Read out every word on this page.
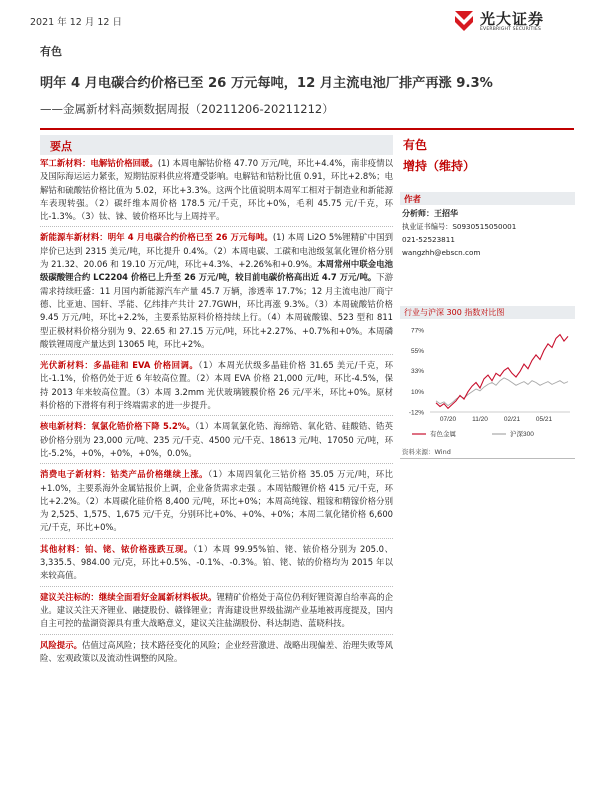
2021 年 12 月 12 日	光大证券
EVERBRIGHT SECURITIES
有色
明年 4 月电碳合约价格已至 26 万元每吨，12 月主流电池厂排产再涨 9.3%
——金属新材料高频数据周报（20211206-20211212）
要点

军工新材料：电解钴价格回暖。(1) 本周电解钴价格 47.70 万元/吨，环比+4.4%，南非疫情以及国际海运运力紧张，短期钴原料供应将遭受影响。电解钴和钴粉比值 0.91，环比+2.8%；电解钴和硫酸钴价格比值为 5.02，环比+3.3%。这两个比值说明本周军工相对于制造业和新能源车表现转强。（2）碳纤维本周价格 178.5 元/千克，环比+0%，毛利 45.75 元/千克，环比-1.3%。（3）钛、铼、铍价格环比与上周持平。

新能源车新材料：明年 4 月电碳合约价格已至 26 万元每吨。(1) 本周 Li2O 5%锂精矿中国到岸价已达到 2315 美元/吨，环比提升 0.4%。（2）本周电碳、工碳和电池级氢氧化锂价格分别为 21.32、20.06 和 19.10 万元/吨，环比+4.3%、+2.26%和+0.9%。本周常州中联金电池级碳酸锂合约 LC2204 价格已上升至 26 万元/吨，较目前电碳价格高出近 4.7 万元/吨。下游需求持续旺盛：11 月国内新能源汽车产量 45.7 万辆，渗透率 17.7%；12 月主流电池厂商宁德、比亚迪、国轩、孚能、亿纬排产共计 27.7GWH，环比再涨 9.3%。（3）本周硫酸钴价格 9.45 万元/吨，环比+2.2%，主要系钴原料价格持续上行。（4）本周硫酸镍、523 型和 811 型正极材料价格分别为 9、22.65 和 27.15 万元/吨，环比+2.27%、+0.7%和+0%。本周磷酸铁锂周度产量达到 13065 吨，环比+2%。

光伏新材料：多晶硅和 EVA 价格回调。（1）本周光伏级多晶硅价格 31.65 美元/千克，环比-1.1%，价格仍处于近 6 年较高位置。（2）本周 EVA 价格 21,000 元/吨，环比-4.5%，保持 2013 年来较高位置。（3）本周 3.2mm 光伏玻璃镀膜价格 26 元/平米，环比+0%。原材料价格的下滑将有利于终端需求的进一步提升。

核电新材料：氧氯化锆价格下降 5.2%。（1）本周氧氯化锆、海绵锆、氧化锆、硅酸锆、锆英砂价格分别为 23,000 元/吨、235 元/千克、4500 元/千克、18613 元/吨、17050 元/吨，环比-5.2%，+0%，+0%，+0%，0.0%。

消费电子新材料：钴类产品价格继续上涨。（1）本周四氧化三钴价格 35.05 万元/吨，环比+1.0%，主要系海外金属钴报价上调，企业备货需求走强 。本周钴酸锂价格 415 元/千克，环比+2.2%。（2）本周碳化硅价格 8,400 元/吨，环比+0%；本周高纯镓、粗镓和精镓价格分别为 2,525、1,575、1,675 元/千克，分别环比+0%、+0%、+0%；本周二氧化锗价格 6,600 元/千克，环比+0%。

其他材料：铂、铑、铱价格涨跌互现。（1）本周 99.95%铂、铑、铱价格分别为 205.0、3,335.5、984.00 元/克，环比+0.5%、-0.1%、-0.3%。铂、铑、铱的价格均为 2015 年以来较高值。

建议关注标的：继续全面看好金属新材料板块。锂精矿价格处于高位仍利好锂资源自给率高的企业。建议关注天齐锂业、融捷股份、赣锋锂业；青海建设世界级盐湖产业基地被再度提及，国内自主可控的盐湖资源具有重大战略意义，建议关注盐湖股份、科达制造、蓝晓科技。

风险提示。估值过高风险；技术路径变化的风险；企业经营激进、战略出现偏差、治理失败等风险、宏观政策以及流动性调整的风险。

有色
增持（维持）
作者
分析师：王招华
执业证书编号：S0930515050001
021-52523811
wangzhh@ebscn.com
行业与沪深 300 指数对比图
77%
55%
33%
10%
-12%
07/20 11/20 02/21 05/21
有色金属	沪深300
资料来源：Wind
